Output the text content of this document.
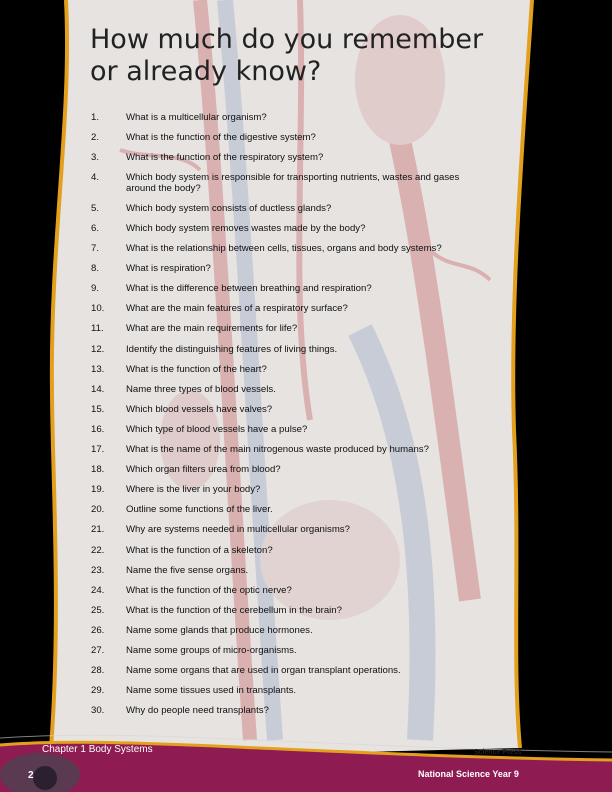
How much do you remember
or already know?
1.	What is a multicellular organism?
2.	What is the function of the digestive system?
3.	What is the function of the respiratory system?
4.	Which body system is responsible for transporting nutrients, wastes and gases around the body?
5.	Which body system consists of ductless glands?
6.	Which body system removes wastes made by the body?
7.	What is the relationship between cells, tissues, organs and body systems?
8.	What is respiration?
9.	What is the difference between breathing and respiration?
10. What are the main features of a respiratory surface?
11. What are the main requirements for life?
12. Identify the distinguishing features of living things.
13. What is the function of the heart?
14. Name three types of blood vessels.
15. Which blood vessels have valves?
16. Which type of blood vessels have a pulse?
17. What is the name of the main nitrogenous waste produced by humans?
18. Which organ filters urea from blood?
19. Where is the liver in your body?
20. Outline some functions of the liver.
21. Why are systems needed in multicellular organisms?
22. What is the function of a skeleton?
23. Name the five sense organs.
24. What is the function of the optic nerve?
25. What is the function of the cerebellum in the brain?
26. Name some glands that produce hormones.
27. Name some groups of micro-organisms.
28. Name some organs that are used in organ transplant operations.
29. Name some tissues used in transplants.
30. Why do people need transplants?
Science Press
Chapter 1 Body Systems
2	National Science Year 9
